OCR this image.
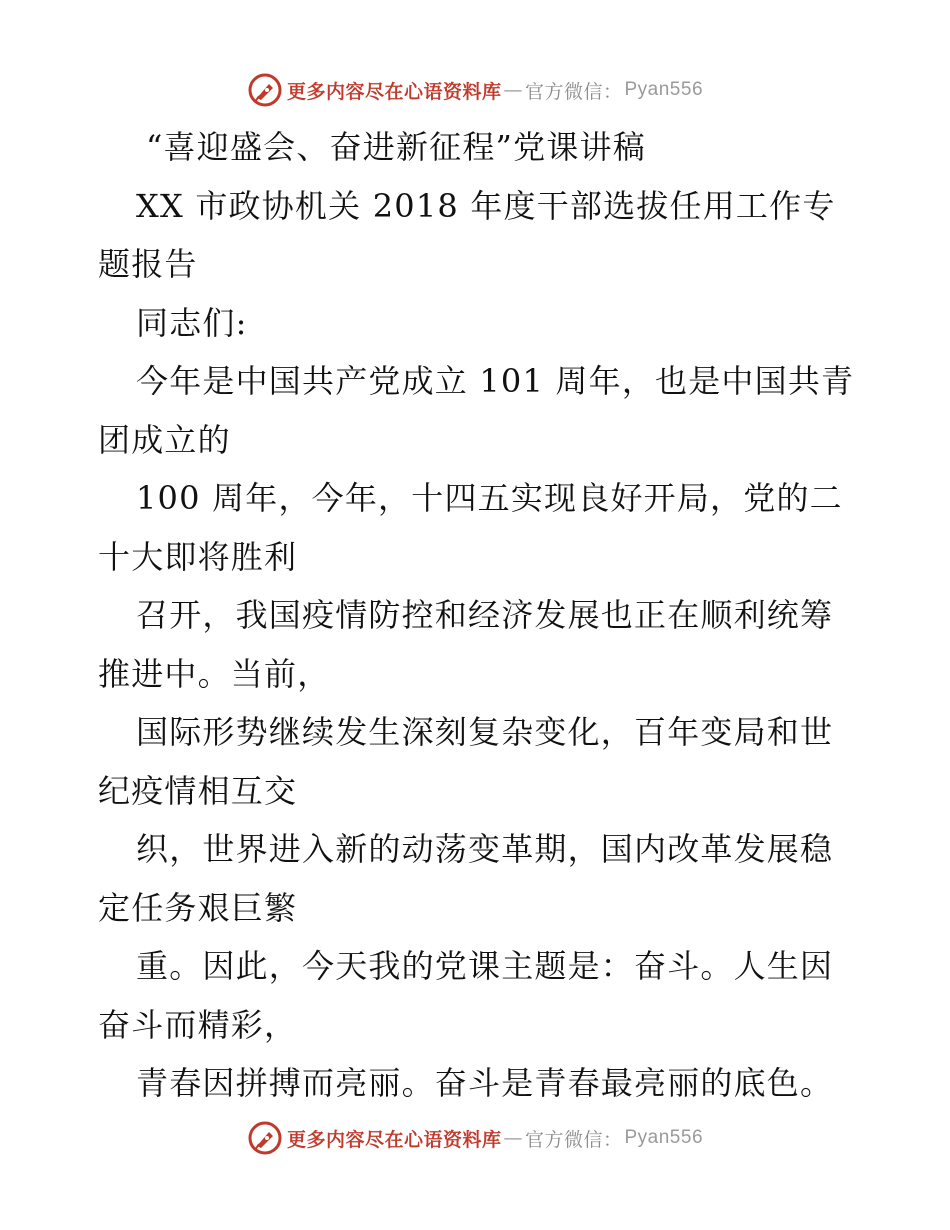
更多内容尽在心语资料库 — 官方微信： Pyan556

“喜迎盛会、奋进新征程”党课讲稿

XX 市政协机关 2018 年度干部选拔任用工作专题报告

同志们:

今年是中国共产党成立 101 周年，也是中国共青团成立的

100 周年，今年，十四五实现良好开局，党的二十大即将胜利

召开，我国疫情防控和经济发展也正在顺利统筹推进中。当前，

国际形势继续发生深刻复杂变化，百年变局和世纪疫情相互交

织，世界进入新的动荡变革期，国内改革发展稳定任务艰巨繁

重。因此，今天我的党课主题是：奋斗。人生因奋斗而精彩，

青春因拼搏而亮丽。奋斗是青春最亮丽的底色。

更多内容尽在心语资料库 — 官方微信： Pyan556
